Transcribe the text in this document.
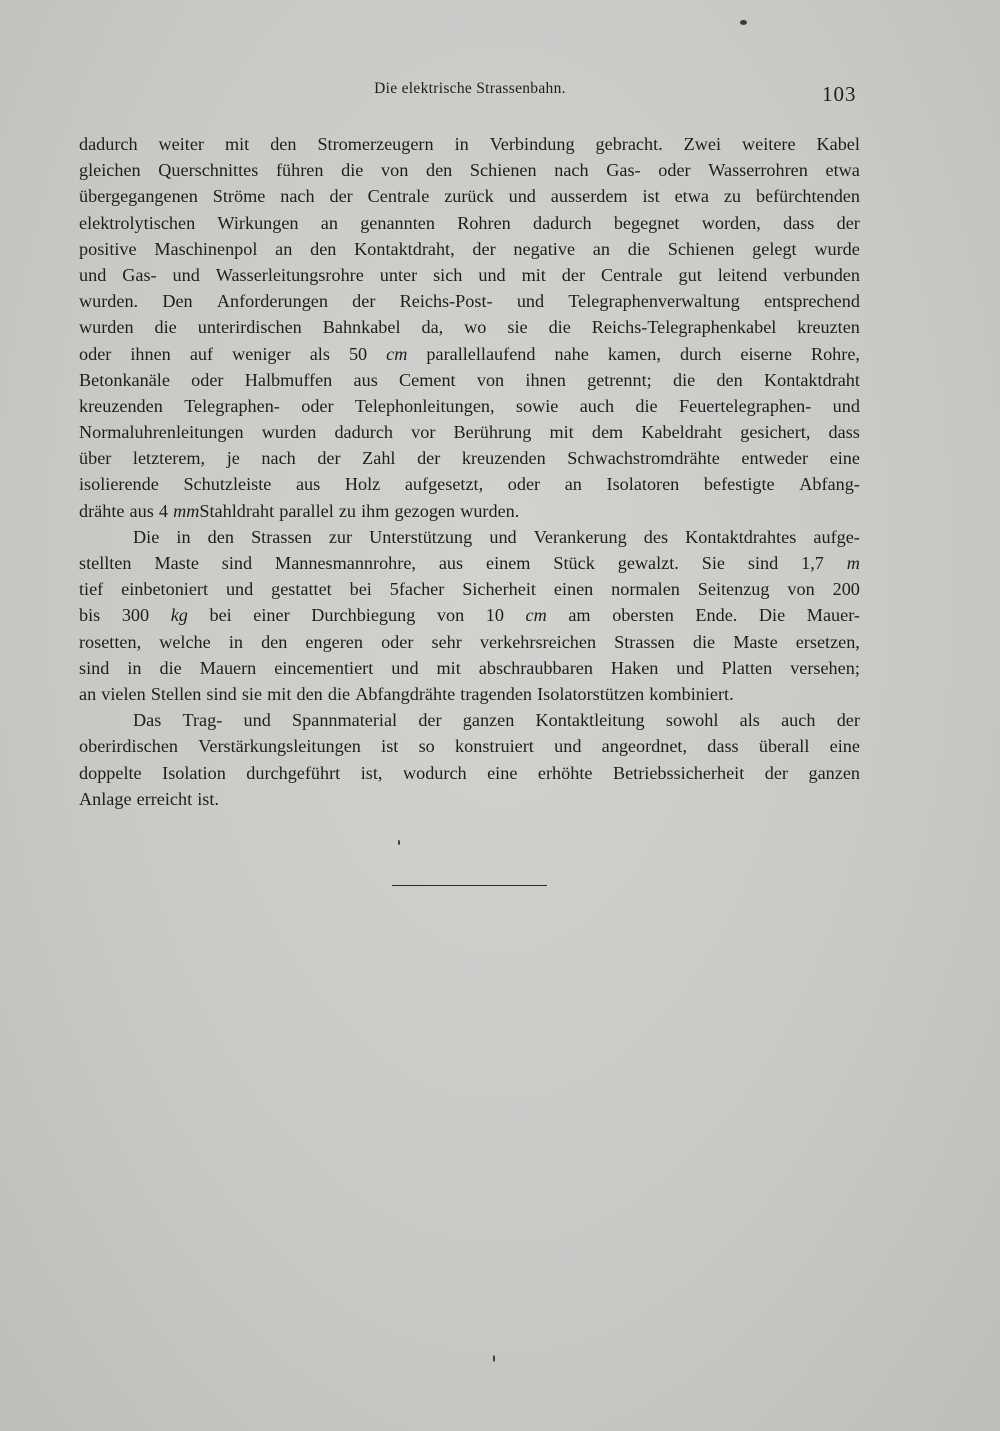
Die elektrische Strassenbahn.	103
dadurch weiter mit den Stromerzeugern in Verbindung gebracht. Zwei weitere Kabel
gleichen Querschnittes führen die von den Schienen nach Gas- oder Wasserrohren etwa
übergegangenen Ströme nach der Centrale zurück und ausserdem ist etwa zu befürchtenden
elektrolytischen Wirkungen an genannten Rohren dadurch begegnet worden, dass der
positive Maschinenpol an den Kontaktdraht, der negative an die Schienen gelegt wurde
und Gas- und Wasserleitungsrohre unter sich und mit der Centrale gut leitend verbunden
wurden. Den Anforderungen der Reichs-Post- und Telegraphenverwaltung entsprechend
wurden die unterirdischen Bahnkabel da, wo sie die Reichs-Telegraphenkabel kreuzten
oder ihnen auf weniger als 50 cm parallellaufend nahe kamen, durch eiserne Rohre,
Betonkanäle oder Halbmuffen aus Cement von ihnen getrennt; die den Kontaktdraht
kreuzenden Telegraphen- oder Telephonleitungen, sowie auch die Feuertelegraphen- und
Normaluhrenleitungen wurden dadurch vor Berührung mit dem Kabeldraht gesichert, dass
über letzterem, je nach der Zahl der kreuzenden Schwachstromdrähte entweder eine
isolierende Schutzleiste aus Holz aufgesetzt, oder an Isolatoren befestigte Abfang-
drähte aus 4 mm Stahldraht parallel zu ihm gezogen wurden.
Die in den Strassen zur Unterstützung und Verankerung des Kontaktdrahtes aufge-
stellten Maste sind Mannesmannrohre, aus einem Stück gewalzt. Sie sind 1,7 m
tief einbetoniert und gestattet bei 5facher Sicherheit einen normalen Seitenzug von 200
bis 300 kg bei einer Durchbiegung von 10 cm am obersten Ende. Die Mauer-
rosetten, welche in den engeren oder sehr verkehrsreichen Strassen die Maste ersetzen,
sind in die Mauern eincementiert und mit abschraubbaren Haken und Platten versehen;
an vielen Stellen sind sie mit den die Abfangdrähte tragenden Isolatorstützen kombiniert.
Das Trag- und Spannmaterial der ganzen Kontaktleitung sowohl als auch der
oberirdischen Verstärkungsleitungen ist so konstruiert und angeordnet, dass überall eine
doppelte Isolation durchgeführt ist, wodurch eine erhöhte Betriebssicherheit der ganzen
Anlage erreicht ist.
